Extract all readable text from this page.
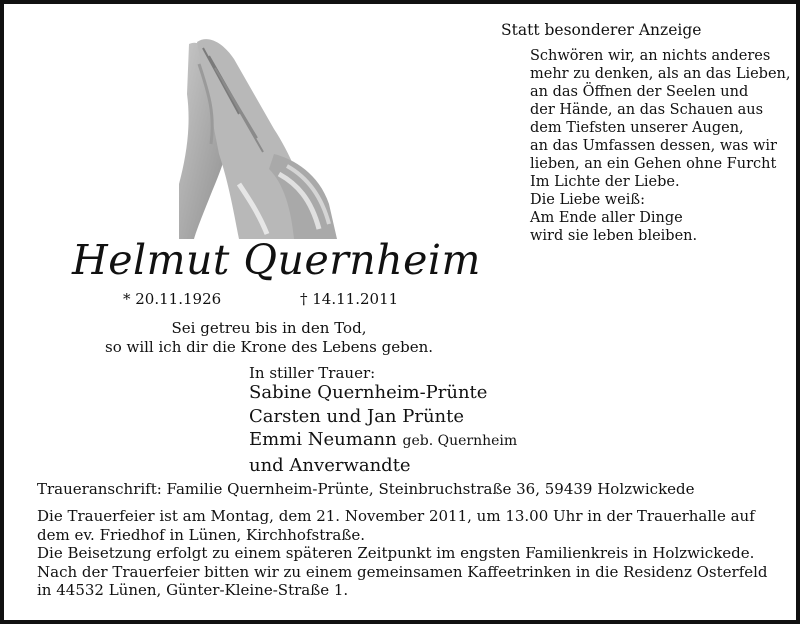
Statt besonderer Anzeige
Schwören wir, an nichts anderes
mehr zu denken, als an das Lieben,
an das Öffnen der Seelen und
der Hände, an das Schauen aus
dem Tiefsten unserer Augen,
an das Umfassen dessen, was wir
lieben, an ein Gehen ohne Furcht
Im Lichte der Liebe.
Die Liebe weiß:
Am Ende aller Dinge
wird sie leben bleiben.
Helmut Quernheim
* 20.11.1926	† 14.11.2011
Sei getreu bis in den Tod,
so will ich dir die Krone des Lebens geben.
In stiller Trauer:
Sabine Quernheim-Prünte
Carsten und Jan Prünte
Emmi Neumann geb. Quernheim
und Anverwandte
Traueranschrift: Familie Quernheim-Prünte, Steinbruchstraße 36, 59439 Holzwickede
Die Trauerfeier ist am Montag, dem 21. November 2011, um 13.00 Uhr in der Trauerhalle auf
dem ev. Friedhof in Lünen, Kirchhofstraße.
Die Beisetzung erfolgt zu einem späteren Zeitpunkt im engsten Familienkreis in Holzwickede.
Nach der Trauerfeier bitten wir zu einem gemeinsamen Kaffeetrinken in die Residenz Osterfeld
in 44532 Lünen, Günter-Kleine-Straße 1.
